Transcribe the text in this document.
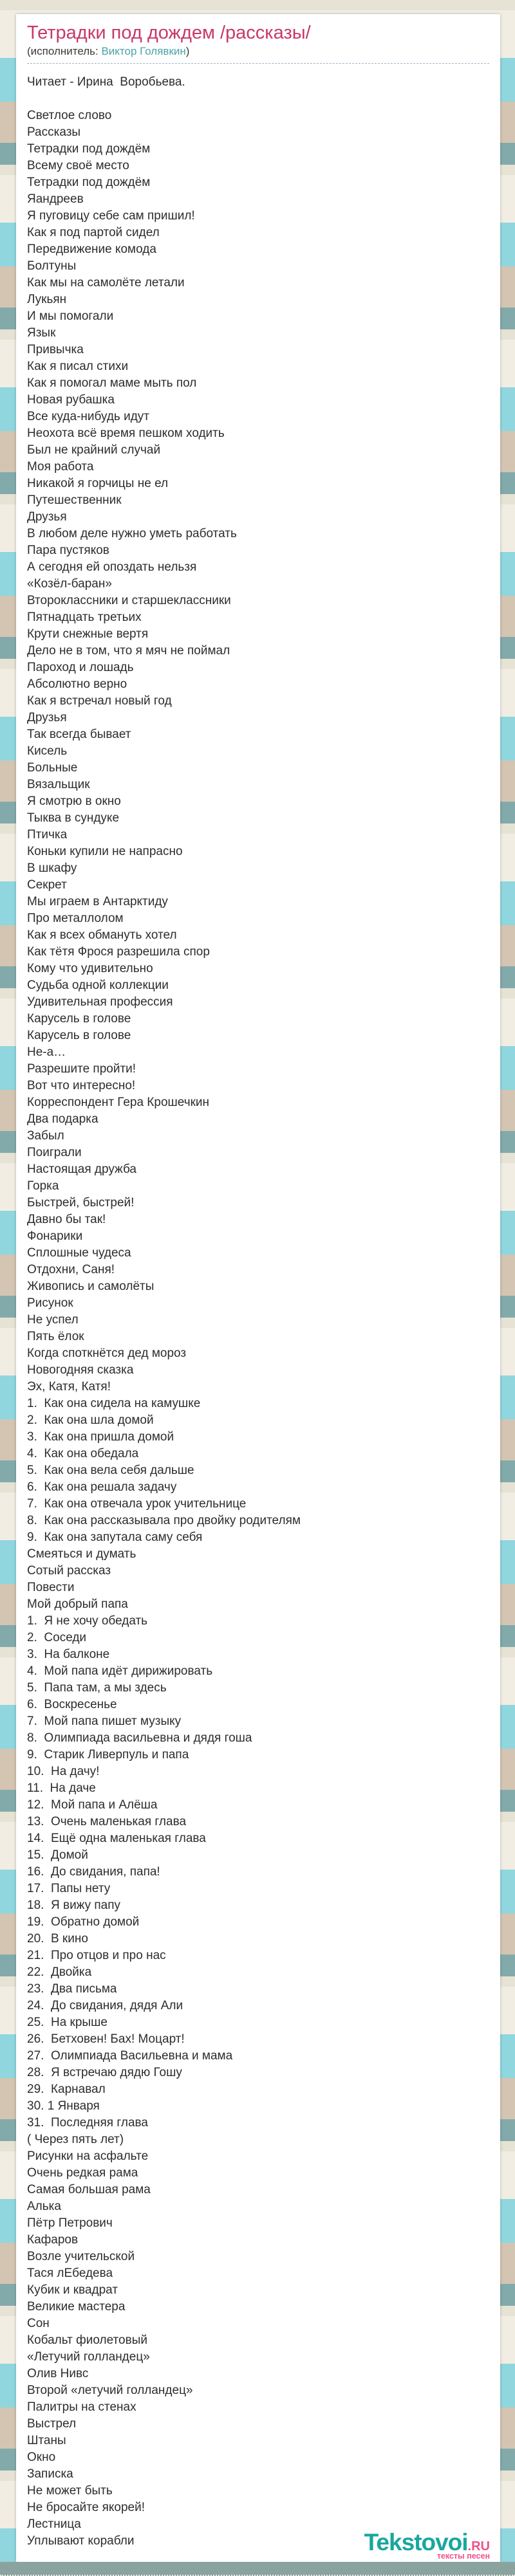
Тетрадки под дождем /рассказы/
(исполнитель: Виктор Голявкин)
Читает - Ирина  Воробьева.
Светлое слово
Рассказы
Тетрадки под дождём
Всему своё место
Тетрадки под дождём
Яандреев
Я пуговицу себе сам пришил!
Как я под партой сидел
Передвижение комода
Болтуны
Как мы на самолёте летали
Лукьян
И мы помогали
Язык
Привычка
Как я писал стихи
Как я помогал маме мыть пол
Новая рубашка
Все куда-нибудь идут
Неохота всё время пешком ходить
Был не крайний случай
Моя работа
Никакой я горчицы не ел
Путешественник
Друзья
В любом деле нужно уметь работать
Пара пустяков
А сегодня ей опоздать нельзя
«Козёл-баран»
Второклассники и старшеклассники
Пятнадцать третьих
Крути снежные вертя
Дело не в том, что я мяч не поймал
Пароход и лошадь
Абсолютно верно
Как я встречал новый год
Друзья
Так всегда бывает
Кисель
Больные
Вязальщик
Я смотрю в окно
Тыква в сундуке
Птичка
Коньки купили не напрасно
В шкафу
Секрет
Мы играем в Антарктиду
Про металлолом
Как я всех обмануть хотел
Как тётя Фрося разрешила спор
Кому что удивительно
Судьба одной коллекции
Удивительная профессия
Карусель в голове
Карусель в голове
Не-а…
Разрешите пройти!
Вот что интересно!
Корреспондент Гера Крошечкин
Два подарка
Забыл
Поиграли
Настоящая дружба
Горка
Быстрей, быстрей!
Давно бы так!
Фонарики
Сплошные чудеса
Отдохни, Саня!
Живопись и самолёты
Рисунок
Не успел
Пять ёлок
Когда споткнётся дед мороз
Новогодняя сказка
Эх, Катя, Катя!
1.  Как она сидела на камушке
2.  Как она шла домой
3.  Как она пришла домой
4.  Как она обедала
5.  Как она вела себя дальше
6.  Как она решала задачу
7.  Как она отвечала урок учительнице
8.  Как она рассказывала про двойку родителям
9.  Как она запутала саму себя
Смеяться и думать
Сотый рассказ
Повести
Мой добрый папа
1.  Я не хочу обедать
2.  Соседи
3.  На балконе
4.  Мой папа идёт дирижировать
5.  Папа там, а мы здесь
6.  Воскресенье
7.  Мой папа пишет музыку
8.  Олимпиада васильевна и дядя гоша
9.  Старик Ливерпуль и папа
10.  На дачу!
11.  На даче
12.  Мой папа и Алёша
13.  Очень маленькая глава
14.  Ещё одна маленькая глава
15.  Домой
16.  До свидания, папа!
17.  Папы нету
18.  Я вижу папу
19.  Обратно домой
20.  В кино
21.  Про отцов и про нас
22.  Двойка
23.  Два письма
24.  До свидания, дядя Али
25.  На крыше
26.  Бетховен! Бах! Моцарт!
27.  Олимпиада Васильевна и мама
28.  Я встречаю дядю Гошу
29.  Карнавал
30. 1 Января
31.  Последняя глава
( Через пять лет)
Рисунки на асфальте
Очень редкая рама
Самая большая рама
Алька
Пётр Петрович
Кафаров
Возле учительской
Тася лЕбедева
Кубик и квадрат
Великие мастера
Сон
Кобальт фиолетовый
«Летучий голландец»
Олив Нивс
Второй «летучий голландец»
Палитры на стенах
Выстрел
Штаны
Окно
Записка
Не может быть
Не бросайте якорей!
Лестница
Уплывают корабли	Tekstovoi.RU
тексты песен
